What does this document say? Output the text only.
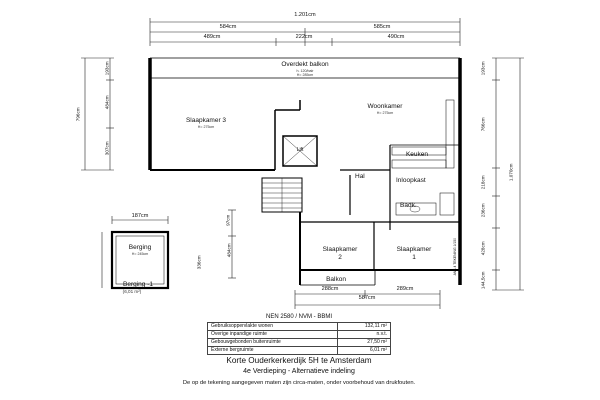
1.201cm
584cm	585cm
489cm	222cm	490cm
187cm
587cm
288cm	289cm
193cm
484cm
796cm
307cm
97cm
336cm
484cm
193cm
766cm
218cm
1.070cm
236cm
428cm
144,5cm
ANS 4 TEKENING 1/150
Overdekt balkon
h. 120/balr
H= 285cm
Slaapkamer 3
H= 275cm
Woonkamer
H= 275cm
Lift
Keuken
Hal
Inloopkast
Badk.
Slaapkamer
2
Slaapkamer
1
Balkon
Berging
H= 245cm
Berging -1
(6,01 m²)
NEN 2580 / NVM - BBMI
Gebruiksoppervlakte wonen	132,11 m²
Overige inpandige ruimte	n.v.t.
Gebouwgebonden buitenruimte	27,50 m²
Externe bergruimte	6,01 m²
Korte Ouderkerkerdijk 5H te Amsterdam
4e Verdieping - Alternatieve indeling
De op de tekening aangegeven maten zijn circa-maten, onder voorbehoud van drukfouten.
